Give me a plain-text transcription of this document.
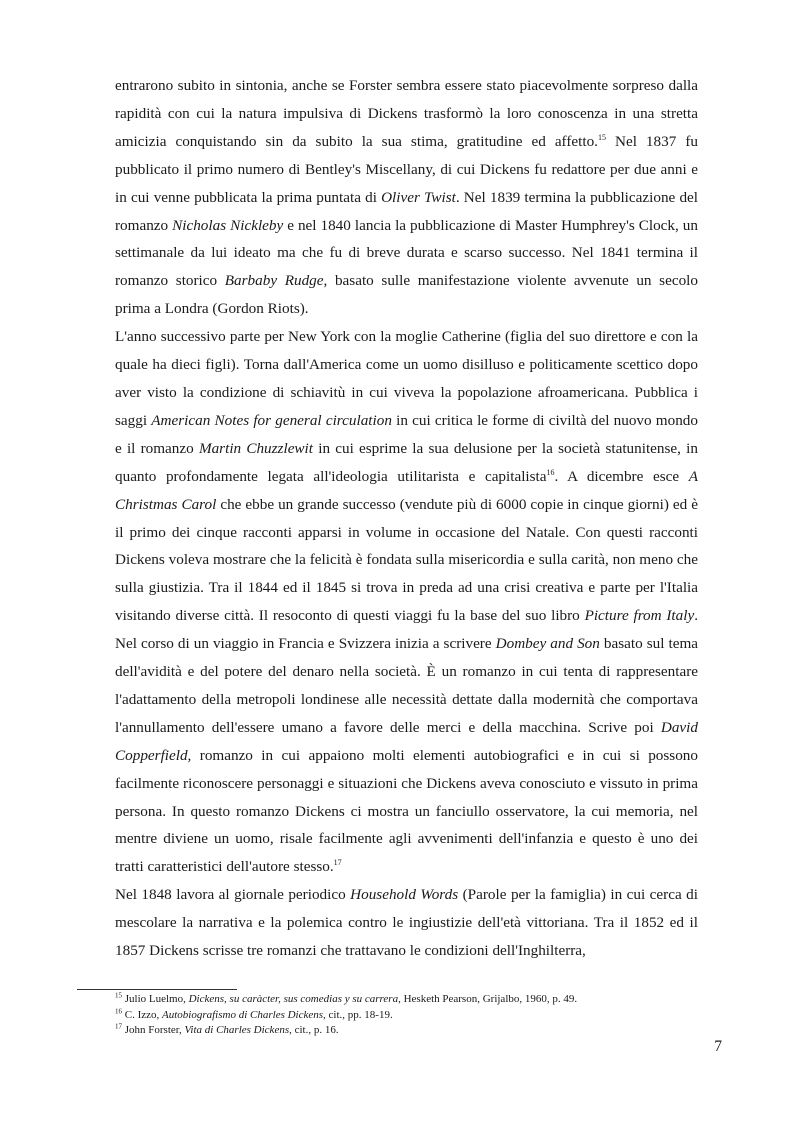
entrarono subito in sintonia, anche se Forster sembra essere stato piacevolmente sorpreso dalla rapidità con cui la natura impulsiva di Dickens trasformò la loro conoscenza in una stretta amicizia conquistando sin da subito la sua stima, gratitudine ed affetto.$^{15}$ Nel 1837 fu pubblicato il primo numero di Bentley's Miscellany, di cui Dickens fu redattore per due anni e in cui venne pubblicata la prima puntata di Oliver Twist. Nel 1839 termina la pubblicazione del romanzo Nicholas Nickleby e nel 1840 lancia la pubblicazione di Master Humphrey's Clock, un settimanale da lui ideato ma che fu di breve durata e scarso successo. Nel 1841 termina il romanzo storico Barbaby Rudge, basato sulle manifestazione violente avvenute un secolo prima a Londra (Gordon Riots).

L'anno successivo parte per New York con la moglie Catherine (figlia del suo direttore e con la quale ha dieci figli). Torna dall'America come un uomo disilluso e politicamente scettico dopo aver visto la condizione di schiavitù in cui viveva la popolazione afroamericana. Pubblica i saggi American Notes for general circulation in cui critica le forme di civiltà del nuovo mondo e il romanzo Martin Chuzzlewit in cui esprime la sua delusione per la società statunitense, in quanto profondamente legata all'ideologia utilitarista e capitalista$^{16}$. A dicembre esce A Christmas Carol che ebbe un grande successo (vendute più di 6000 copie in cinque giorni) ed è il primo dei cinque racconti apparsi in volume in occasione del Natale. Con questi racconti Dickens voleva mostrare che la felicità è fondata sulla misericordia e sulla carità, non meno che sulla giustizia. Tra il 1844 ed il 1845 si trova in preda ad una crisi creativa e parte per l'Italia visitando diverse città. Il resoconto di questi viaggi fu la base del suo libro Picture from Italy. Nel corso di un viaggio in Francia e Svizzera inizia a scrivere Dombey and Son basato sul tema dell'avidità e del potere del denaro nella società. È un romanzo in cui tenta di rappresentare l'adattamento della metropoli londinese alle necessità dettate dalla modernità che comportava l'annullamento dell'essere umano a favore delle merci e della macchina. Scrive poi David Copperfield, romanzo in cui appaiono molti elementi autobiografici e in cui si possono facilmente riconoscere personaggi e situazioni che Dickens aveva conosciuto e vissuto in prima persona. In questo romanzo Dickens ci mostra un fanciullo osservatore, la cui memoria, nel mentre diviene un uomo, risale facilmente agli avvenimenti dell'infanzia e questo è uno dei tratti caratteristici dell'autore stesso.$^{17}$

Nel 1848 lavora al giornale periodico Household Words (Parole per la famiglia) in cui cerca di mescolare la narrativa e la polemica contro le ingiustizie dell'età vittoriana. Tra il 1852 ed il 1857 Dickens scrisse tre romanzi che trattavano le condizioni dell'Inghilterra,

$^{15}$ Julio Luelmo, Dickens, su caràcter, sus comedias y su carrera, Hesketh Pearson, Grijalbo, 1960, p. 49.

$^{16}$ C. Izzo, Autobiografismo di Charles Dickens, cit., pp. 18-19.

$^{17}$ John Forster, Vita di Charles Dickens, cit., p. 16.

7
